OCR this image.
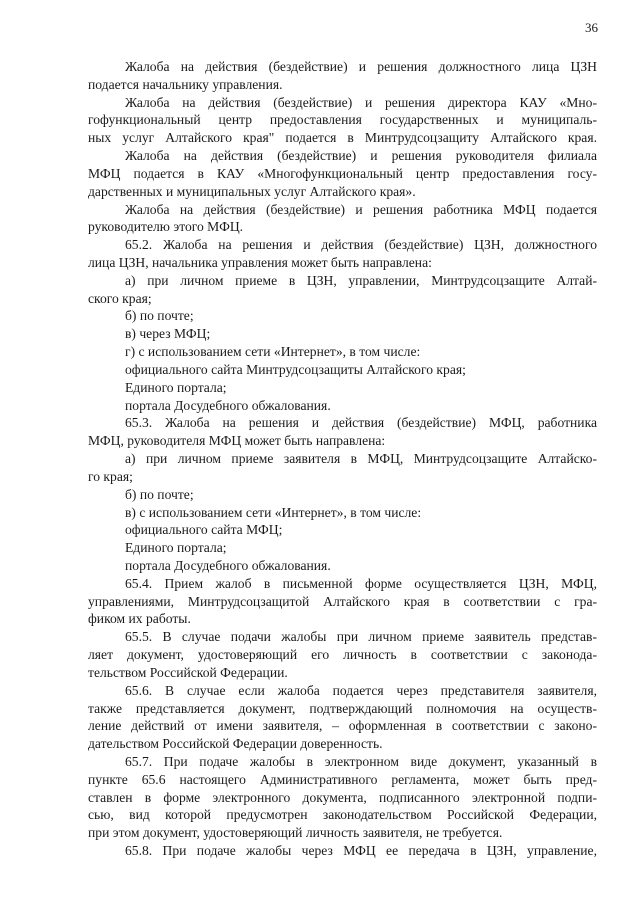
36
Жалоба на действия (бездействие) и решения должностного лица ЦЗН
подается начальнику управления.
Жалоба на действия (бездействие) и решения директора КАУ «Мно-
гофункциональный центр предоставления государственных и муниципаль-
ных услуг Алтайского края" подается в Минтрудсоцзащиту Алтайского края.
Жалоба на действия (бездействие) и решения руководителя филиала
МФЦ подается в КАУ «Многофункциональный центр предоставления госу-
дарственных и муниципальных услуг Алтайского края».
Жалоба на действия (бездействие) и решения работника МФЦ подается
руководителю этого МФЦ.
65.2. Жалоба на решения и действия (бездействие) ЦЗН, должностного
лица ЦЗН, начальника управления может быть направлена:
а) при личном приеме в ЦЗН, управлении, Минтрудсоцзащите Алтай-
ского края;
б) по почте;
в) через МФЦ;
г) с использованием сети «Интернет», в том числе:
официального сайта Минтрудсоцзащиты Алтайского края;
Единого портала;
портала Досудебного обжалования.
65.3. Жалоба на решения и действия (бездействие) МФЦ, работника
МФЦ, руководителя МФЦ может быть направлена:
а) при личном приеме заявителя в МФЦ, Минтрудсоцзащите Алтайско-
го края;
б) по почте;
в) с использованием сети «Интернет», в том числе:
официального сайта МФЦ;
Единого портала;
портала Досудебного обжалования.
65.4. Прием жалоб в письменной форме осуществляется ЦЗН, МФЦ,
управлениями, Минтрудсоцзащитой Алтайского края в соответствии с гра-
фиком их работы.
65.5. В случае подачи жалобы при личном приеме заявитель представ-
ляет документ, удостоверяющий его личность в соответствии с законода-
тельством Российской Федерации.
65.6. В случае если жалоба подается через представителя заявителя,
также представляется документ, подтверждающий полномочия на осуществ-
ление действий от имени заявителя, – оформленная в соответствии с законо-
дательством Российской Федерации доверенность.
65.7. При подаче жалобы в электронном виде документ, указанный в
пункте 65.6 настоящего Административного регламента, может быть пред-
ставлен в форме электронного документа, подписанного электронной подпи-
сью, вид которой предусмотрен законодательством Российской Федерации,
при этом документ, удостоверяющий личность заявителя, не требуется.
65.8. При подаче жалобы через МФЦ ее передача в ЦЗН, управление,
